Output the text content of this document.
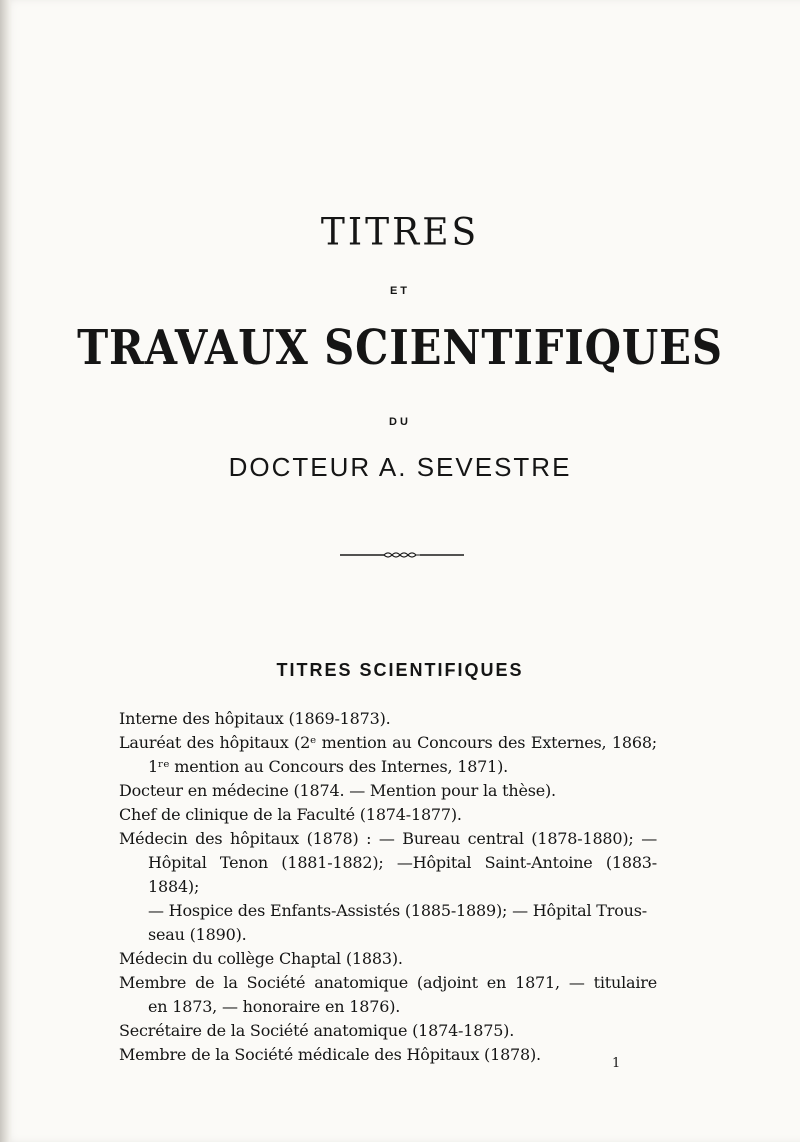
TITRES
ET
TRAVAUX SCIENTIFIQUES
DU
DOCTEUR A. SEVESTRE
TITRES SCIENTIFIQUES
Interne des hôpitaux (1869-1873).
Lauréat des hôpitaux (2ᵉ mention au Concours des Externes, 1868;
1ʳᵉ mention au Concours des Internes, 1871).
Docteur en médecine (1874. — Mention pour la thèse).
Chef de clinique de la Faculté (1874-1877).
Médecin des hôpitaux (1878) : — Bureau central (1878-1880); —
Hôpital Tenon (1881-1882); —Hôpital Saint-Antoine (1883-1884);
— Hospice des Enfants-Assistés (1885-1889); — Hôpital Trous-
seau (1890).
Médecin du collège Chaptal (1883).
Membre de la Société anatomique (adjoint en 1871, — titulaire
en 1873, — honoraire en 1876).
Secrétaire de la Société anatomique (1874-1875).
Membre de la Société médicale des Hôpitaux (1878).	1
